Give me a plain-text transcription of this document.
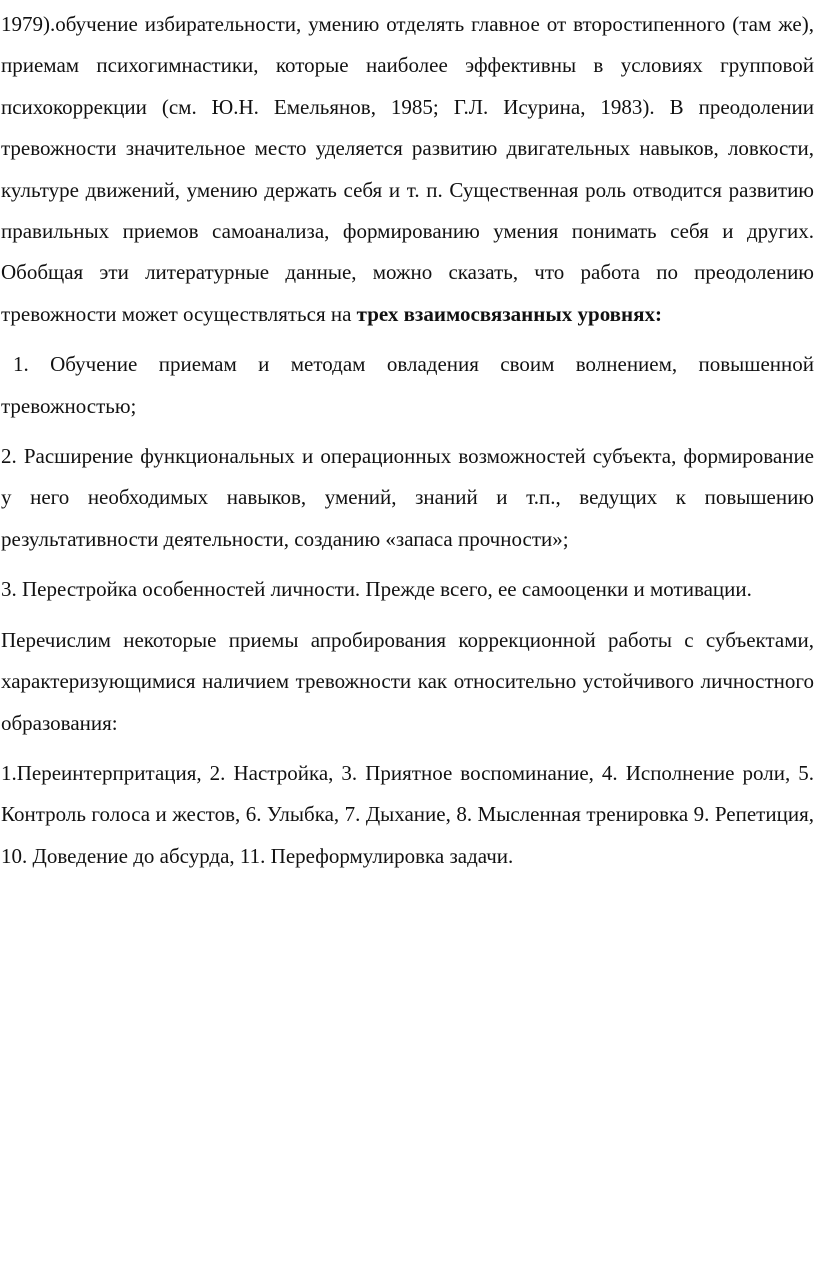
1979).обучение избирательности, умению отделять главное от второстипенного (там же), приемам психогимнастики, которые наиболее эффективны в условиях групповой психокоррекции (см. Ю.Н. Емельянов, 1985; Г.Л. Исурина, 1983). В преодолении тревожности значительное место уделяется развитию двигательных навыков, ловкости, культуре движений, умению держать себя и т. п. Существенная роль отводится развитию правильных приемов самоанализа, формированию умения понимать себя и других. Обобщая эти литературные данные, можно сказать, что работа по преодолению тревожности может осуществляться на трех взаимосвязанных уровнях:

1. Обучение приемам и методам овладения своим волнением, повышенной тревожностью;

2. Расширение функциональных и операционных возможностей субъекта, формирование у него необходимых навыков, умений, знаний и т.п., ведущих к повышению результативности деятельности, созданию «запаса прочности»;

3. Перестройка особенностей личности. Прежде всего, ее самооценки и мотивации.

Перечислим некоторые приемы апробирования коррекционной работы с субъектами, характеризующимися наличием тревожности как относительно устойчивого личностного образования:

1.Переинтерпритация, 2. Настройка, 3. Приятное воспоминание, 4. Исполнение роли, 5. Контроль голоса и жестов, 6. Улыбка, 7. Дыхание, 8. Мысленная тренировка 9. Репетиция, 10. Доведение до абсурда, 11. Переформулировка задачи.
